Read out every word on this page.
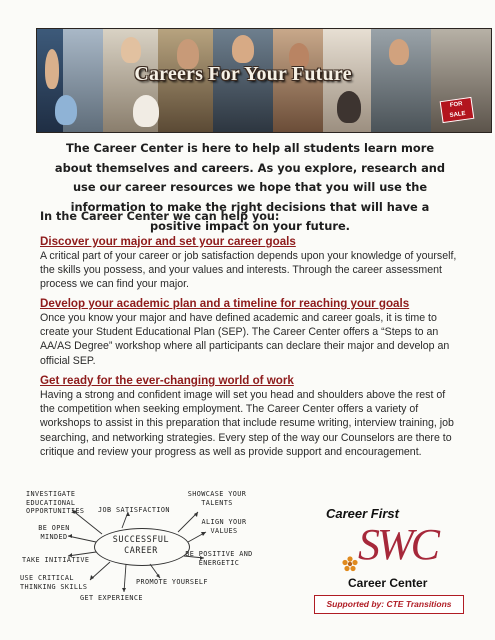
Careers For Your Future
FOR SALE
The Career Center is here to help all students learn more about themselves and careers. As you explore, research and use our career resources we hope that you will use the information to make the right decisions that will have a positive impact on your future.
In the Career Center we can help you:
Discover your major and set your career goals
A critical part of your career or job satisfaction depends upon your knowledge of yourself, the skills you possess, and your values and interests. Through the career assessment process we can find your major.
Develop your academic plan and a timeline for reaching your goals
Once you know your major and have defined academic and career goals, it is time to create your Student Educational Plan (SEP). The Career Center offers a “Steps to an AA/AS Degree” workshop where all participants can declare their major and develop an official SEP.
Get ready for the ever-changing world of work
Having a strong and confident image will set you head and shoulders above the rest of the competition when seeking employment. The Career Center offers a variety of workshops to assist in this preparation that include resume writing, interview training, job searching, and networking strategies. Every step of the way our Counselors are there to critique and review your progress as well as provide support and encouragement.
SUCCESSFUL CAREER
INVESTIGATE EDUCATIONAL OPPORTUNITIES	JOB SATISFACTION
SHOWCASE YOUR TALENTS
BE OPEN MINDED
ALIGN YOUR VALUES
TAKE INITIATIVE
BE POSITIVE AND ENERGETIC
USE CRITICAL THINKING SKILLS
PROMOTE YOURSELF
GET EXPERIENCE
Career First
SWC
Career Center
Supported by: CTE Transitions
